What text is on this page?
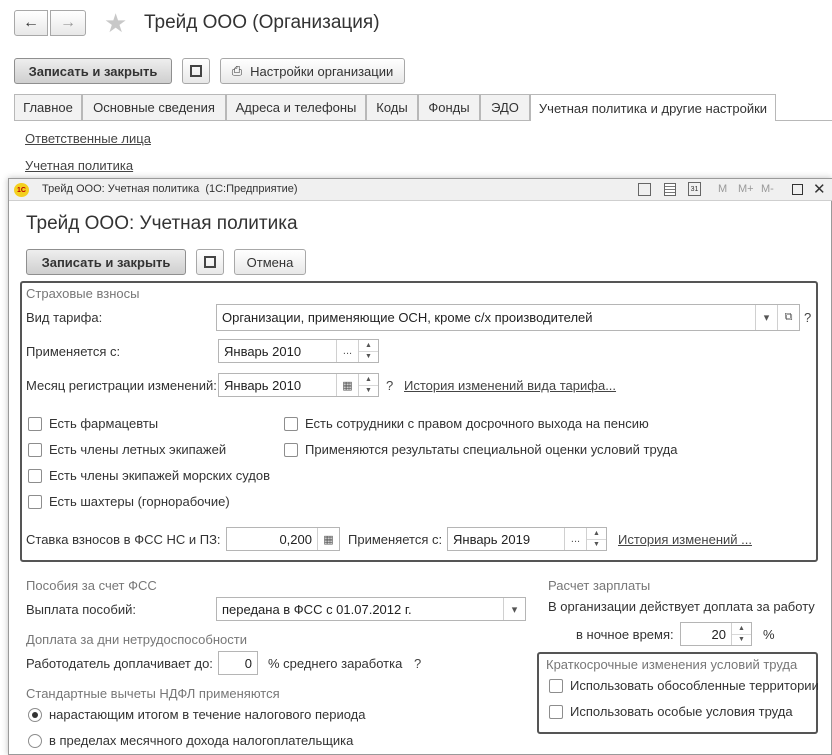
← → ★ Трейд ООО (Организация)
Записать и закрыть	⎙ Настройки организации
Главное	Основные сведения	Адреса и телефоны	Коды	Фонды	ЭДО	Учетная политика и другие настройки
Ответственные лица
Учетная политика
1С Трейд ООО: Учетная политика  (1С:Предприятие)	31 M M+ M-	✕
Трейд ООО: Учетная политика
Записать и закрыть	Отмена
Страховые взносы
Вид тарифа:	Организации, применяющие ОСН, кроме с/х производителей	▾	⧉ ?
Применяется с:	Январь 2010	...	▲
▼
Месяц регистрации изменений: Январь 2010	▦
▲
▼	? История изменений вида тарифа...
Есть фармацевты
Есть члены летных экипажей
Есть члены экипажей морских судов
Есть шахтеры (горнорабочие)
Есть сотрудники с правом досрочного выхода на пенсию
Применяются результаты специальной оценки условий труда
Ставка взносов в ФСС НС и ПЗ:	0,200	▦	Применяется с: Январь 2019	...	▲
▼	История изменений ...
Пособия за счет ФСС
Выплата пособий:	передана в ФСС с 01.07.2012 г.	▾
Доплата за дни нетрудоспособности
Работодатель доплачивает до:	0	% среднего заработка ?
Стандартные вычеты НДФЛ применяются
нарастающим итогом в течение налогового периода
в пределах месячного дохода налогоплательщика
Расчет зарплаты
В организации действует доплата за работу
в ночное время:	20	▲
▼	%
Краткосрочные изменения условий труда
Использовать обособленные территории
Использовать особые условия труда
